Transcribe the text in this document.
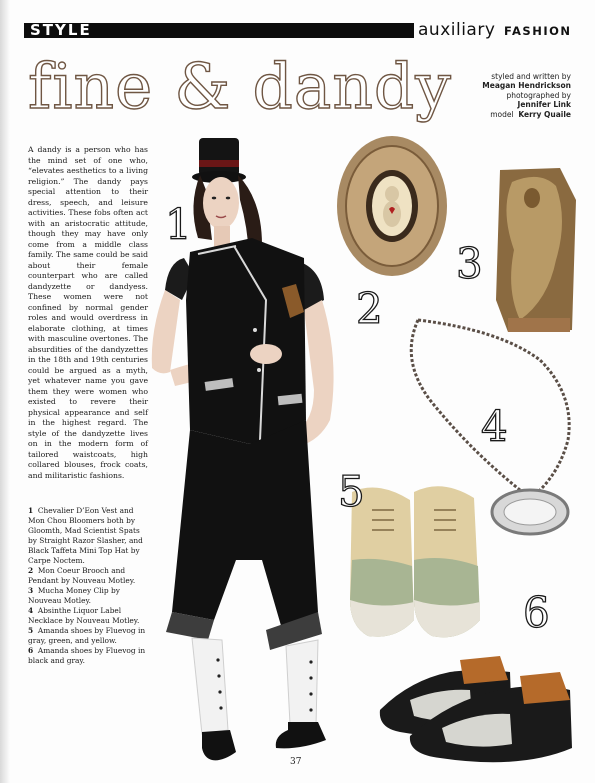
STYLE	auxiliary FASHION
fine & dandy	styled and written by
Meagan Hendrickson
photographed by
Jennifer Link
model Kerry Quaile
A dandy is a person who has the mind set of one who, “elevates aesthetics to a living religion.” The dandy pays special attention to their dress, speech, and leisure activities. These fobs often act with an aristocratic attitude, though they may have only come from a middle class family. The same could be said about their female counterpart who are called dandyzette or dandyess. These women were not confined by normal gender roles and would overdress in elaborate clothing, at times with masculine overtones. The absurdities of the dandyzettes in the 18th and 19th centuries could be argued as a myth, yet whatever name you gave them they were women who existed to revere their physical appearance and self in the highest regard. The style of the dandyzette lives on in the modern form of tailored waistcoats, high collared blouses, frock coats, and militaristic fashions.

1 Chevalier D’Eon Vest and Mon Chou Bloomers both by Gloomth, Mad Scientist Spats by Straight Razor Slasher, and Black Taffeta Mini Top Hat by Carpe Noctem.

2 Mon Coeur Brooch and Pendant by Nouveau Motley.

3 Mucha Money Clip by Nouveau Motley.

4 Absinthe Liquor Label Necklace by Nouveau Motley.

5 Amanda shoes by Fluevog in gray, green, and yellow.

6 Amanda shoes by Fluevog in black and gray.

1
2
3
4
5
6
37
